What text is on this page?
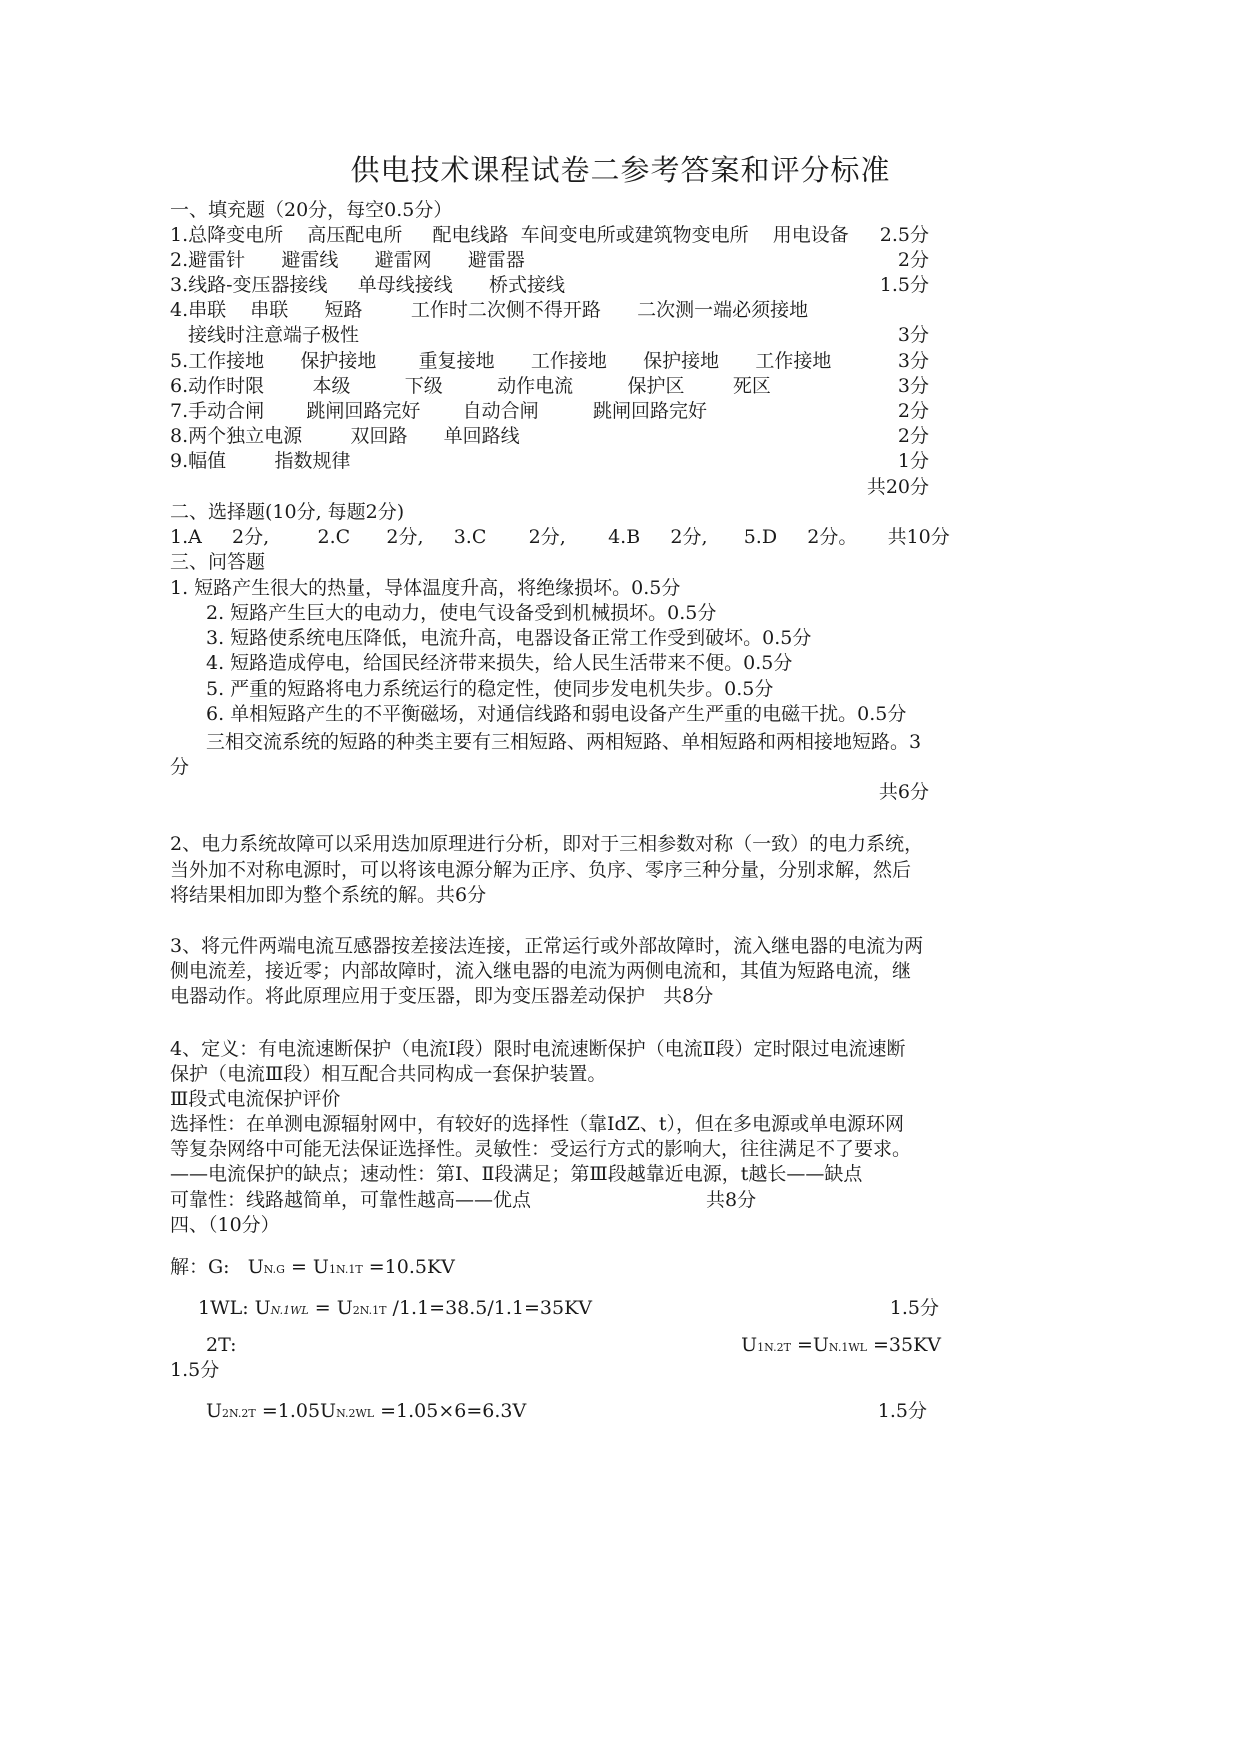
供电技术课程试卷二参考答案和评分标准
一、填充题（20分，每空0.5分）
1.总降变电所    高压配电所     配电线路  车间变电所或建筑物变电所    用电设备 2.5分
2.避雷针      避雷线      避雷网      避雷器	2分
3.线路-变压器接线     单母线接线      桥式接线	1.5分
4.串联    串联      短路        工作时二次侧不得开路      二次测一端必须接地
接线时注意端子极性	3分
5.工作接地      保护接地       重复接地      工作接地      保护接地      工作接地	3分
6.动作时限        本级         下级         动作电流         保护区        死区	3分
7.手动合闸       跳闸回路完好       自动合闸         跳闸回路完好	2分
8.两个独立电源        双回路      单回路线	2分
9.幅值        指数规律	1分
共20分
二、选择题(10分, 每题2分)
1.A     2分,        2.C      2分,     3.C       2分,       4.B     2分,      5.D     2分。     共10分
三、问答题
1. 短路产生很大的热量，导体温度升高，将绝缘损坏。0.5分
2. 短路产生巨大的电动力，使电气设备受到机械损坏。0.5分
3. 短路使系统电压降低，电流升高，电器设备正常工作受到破坏。0.5分
4. 短路造成停电，给国民经济带来损失，给人民生活带来不便。0.5分
5. 严重的短路将电力系统运行的稳定性，使同步发电机失步。0.5分
6. 单相短路产生的不平衡磁场，对通信线路和弱电设备产生严重的电磁干扰。0.5分
三相交流系统的短路的种类主要有三相短路、两相短路、单相短路和两相接地短路。3
分
共6分
2、电力系统故障可以采用迭加原理进行分析，即对于三相参数对称（一致）的电力系统，
当外加不对称电源时，可以将该电源分解为正序、负序、零序三种分量，分别求解，然后
将结果相加即为整个系统的解。共6分
3、将元件两端电流互感器按差接法连接，正常运行或外部故障时，流入继电器的电流为两
侧电流差，接近零；内部故障时，流入继电器的电流为两侧电流和，其值为短路电流，继
电器动作。将此原理应用于变压器，即为变压器差动保护   共8分
4、定义：有电流速断保护（电流Ⅰ段）限时电流速断保护（电流Ⅱ段）定时限过电流速断
保护（电流Ⅲ段）相互配合共同构成一套保护装置。
Ⅲ段式电流保护评价
选择性：在单测电源辐射网中，有较好的选择性（靠IdZ、t），但在多电源或单电源环网
等复杂网络中可能无法保证选择性。灵敏性：受运行方式的影响大，往往满足不了要求。
——电流保护的缺点；速动性：第Ⅰ、Ⅱ段满足；第Ⅲ段越靠近电源，t越长——缺点
可靠性：线路越简单，可靠性越高——优点	共8分
四、（10分）
解：G:   UN.G = U1N.1T =10.5KV
1WL: UN.1WL = U2N.1T /1.1=38.5/1.1=35KV	1.5分
2T:	U1N.2T =UN.1WL =35KV
1.5分
U2N.2T =1.05UN.2WL =1.05×6=6.3V	1.5分
